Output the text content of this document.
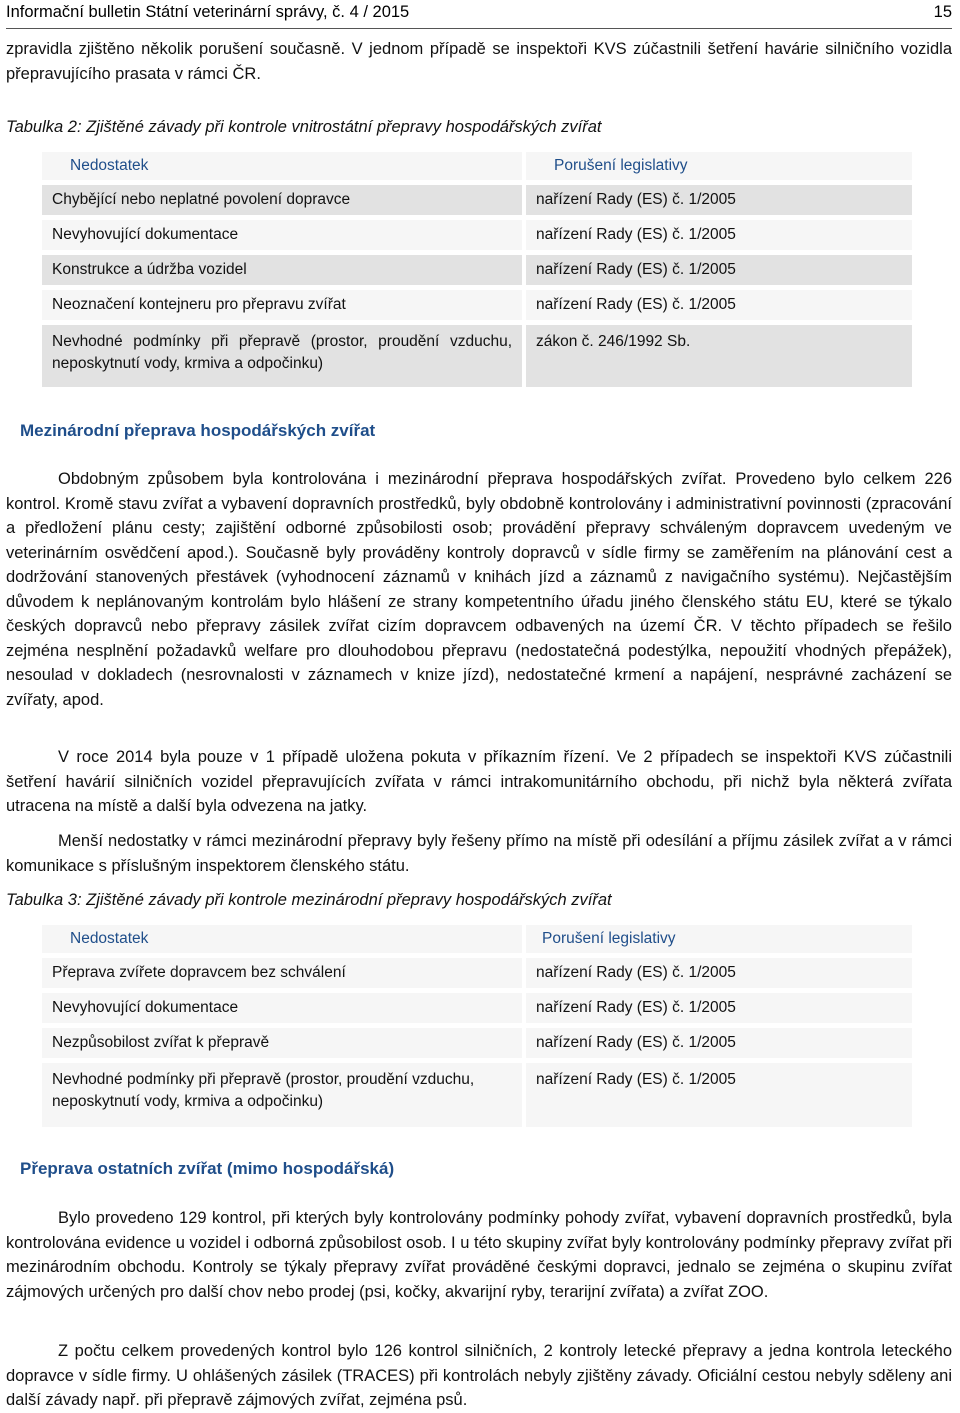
Informační bulletin Státní veterinární správy, č. 4 / 2015	15

zpravidla zjištěno několik porušení současně. V jednom případě se inspektoři KVS zúčastnili šetření havárie silničního vozidla přepravujícího prasata v rámci ČR.

Tabulka 2: Zjištěné závady při kontrole vnitrostátní přepravy hospodářských zvířat
Nedostatek	Porušení legislativy
Chybějící nebo neplatné povolení dopravce	nařízení Rady (ES) č. 1/2005
Nevyhovující dokumentace	nařízení Rady (ES) č. 1/2005
Konstrukce a údržba vozidel	nařízení Rady (ES) č. 1/2005
Neoznačení kontejneru pro přepravu zvířat	nařízení Rady (ES) č. 1/2005
Nevhodné podmínky při přepravě (prostor, proudění vzduchu, neposkytnutí vody, krmiva a odpočinku)	zákon č. 246/1992 Sb.
Mezinárodní přeprava hospodářských zvířat

Obdobným způsobem byla kontrolována i mezinárodní přeprava hospodářských zvířat. Provedeno bylo celkem 226 kontrol. Kromě stavu zvířat a vybavení dopravních prostředků, byly obdobně kontrolovány i administrativní povinnosti (zpracování a předložení plánu cesty; zajištění odborné způsobilosti osob; provádění přepravy schváleným dopravcem uvedeným ve veterinárním osvědčení apod.). Současně byly prováděny kontroly dopravců v sídle firmy se zaměřením na plánování cest a dodržování stanovených přestávek (vyhodnocení záznamů v knihách jízd a záznamů z navigačního systému). Nejčastějším důvodem k neplánovaným kontrolám bylo hlášení ze strany kompetentního úřadu jiného členského státu EU, které se týkalo českých dopravců nebo přepravy zásilek zvířat cizím dopravcem odbavených na území ČR. V těchto případech se řešilo zejména nesplnění požadavků welfare pro dlouhodobou přepravu (nedostatečná podestýlka, nepoužití vhodných přepážek), nesoulad v dokladech (nesrovnalosti v záznamech v knize jízd), nedostatečné krmení a napájení, nesprávné zacházení se zvířaty, apod.

V roce 2014 byla pouze v 1 případě uložena pokuta v příkazním řízení. Ve 2 případech se inspektoři KVS zúčastnili šetření havárií silničních vozidel přepravujících zvířata v rámci intrakomunitárního obchodu, při nichž byla některá zvířata utracena na místě a další byla odvezena na jatky.

Menší nedostatky v rámci mezinárodní přepravy byly řešeny přímo na místě při odesílání a příjmu zásilek zvířat a v rámci komunikace s příslušným inspektorem členského státu.

Tabulka 3: Zjištěné závady při kontrole mezinárodní přepravy hospodářských zvířat
Nedostatek	Porušení legislativy
Přeprava zvířete dopravcem bez schválení	nařízení Rady (ES) č. 1/2005
Nevyhovující dokumentace	nařízení Rady (ES) č. 1/2005
Nezpůsobilost zvířat k přepravě	nařízení Rady (ES) č. 1/2005
Nevhodné podmínky při přepravě (prostor, proudění vzduchu, neposkytnutí vody, krmiva a odpočinku)	nařízení Rady (ES) č. 1/2005
Přeprava ostatních zvířat (mimo hospodářská)

Bylo provedeno 129 kontrol, při kterých byly kontrolovány podmínky pohody zvířat, vybavení dopravních prostředků, byla kontrolována evidence u vozidel i odborná způsobilost osob. I u této skupiny zvířat byly kontrolovány podmínky přepravy zvířat při mezinárodním obchodu. Kontroly se týkaly přepravy zvířat prováděné českými dopravci, jednalo se zejména o skupinu zvířat zájmových určených pro další chov nebo prodej (psi, kočky, akvarijní ryby, terarijní zvířata) a zvířat ZOO.

Z počtu celkem provedených kontrol bylo 126 kontrol silničních, 2 kontroly letecké přepravy a jedna kontrola leteckého dopravce v sídle firmy. U ohlášených zásilek (TRACES) při kontrolách nebyly zjištěny závady. Oficiální cestou nebyly sděleny ani další závady např. při přepravě zájmových zvířat, zejména psů.
